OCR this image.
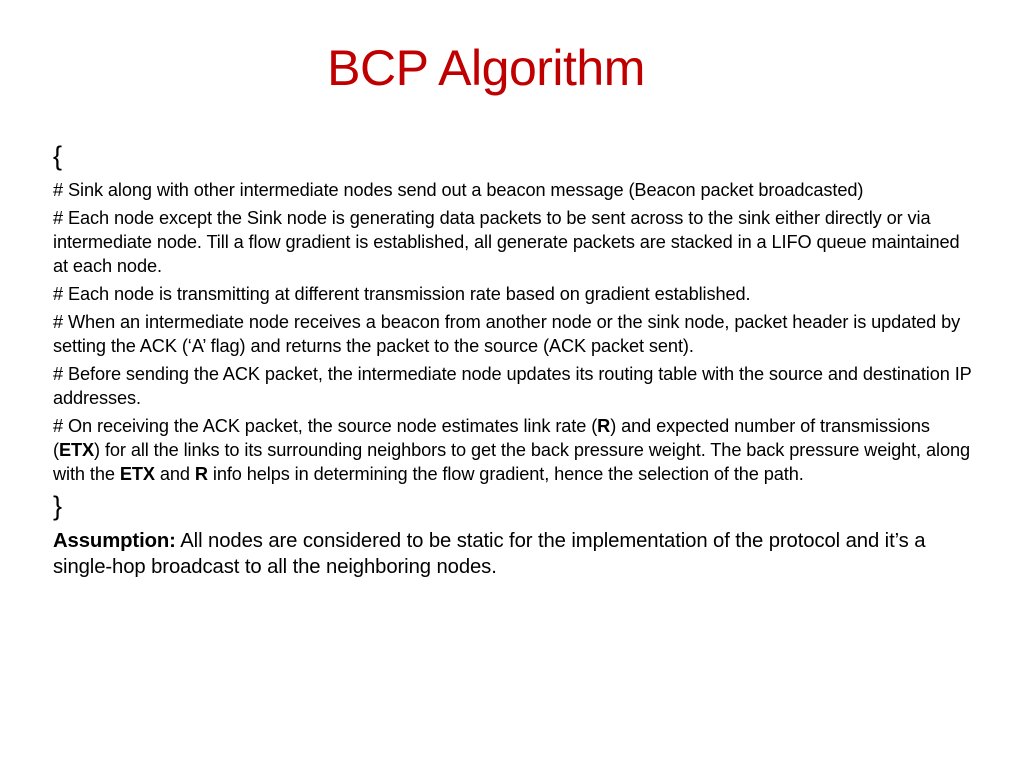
BCP Algorithm
{
# Sink along with other intermediate nodes send out a beacon message (Beacon packet broadcasted)
# Each node except the Sink node is generating data packets to be sent across to the sink either directly or via intermediate node. Till a flow gradient is established, all generate packets are stacked in a LIFO queue maintained at each node.
# Each node is transmitting at different transmission rate based on gradient established.
# When an intermediate node receives a beacon from another node or the sink node, packet header is updated by setting the ACK (‘A’ flag) and returns the packet to the source (ACK packet sent).
# Before sending the ACK packet, the intermediate node updates its routing table with the source and destination IP addresses.
# On receiving the ACK packet, the source node estimates link rate (R) and expected number of transmissions (ETX) for all the links to its surrounding neighbors to get the back pressure weight. The back pressure weight, along with the ETX and R info helps in determining the flow gradient, hence the selection of the path.
}
Assumption: All nodes are considered to be static for the implementation of the protocol and it’s a single-hop broadcast to all the neighboring nodes.
